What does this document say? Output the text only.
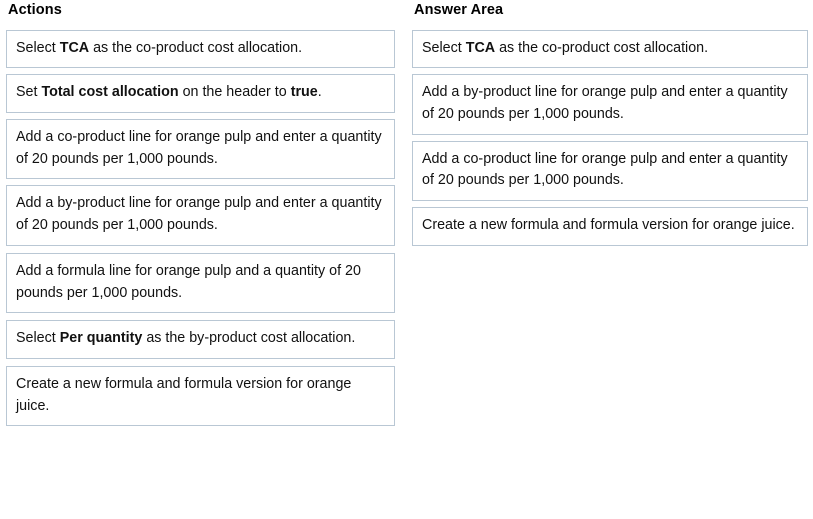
Actions
Select TCA as the co-product cost allocation.
Set Total cost allocation on the header to true.
Add a co-product line for orange pulp and enter a quantity of 20 pounds per 1,000 pounds.
Add a by-product line for orange pulp and enter a quantity of 20 pounds per 1,000 pounds.
Add a formula line for orange pulp and a quantity of 20 pounds per 1,000 pounds.
Select Per quantity as the by-product cost allocation.
Create a new formula and formula version for orange juice.
Answer Area
Select TCA as the co-product cost allocation.
Add a by-product line for orange pulp and enter a quantity of 20 pounds per 1,000 pounds.
Add a co-product line for orange pulp and enter a quantity of 20 pounds per 1,000 pounds.
Create a new formula and formula version for orange juice.
